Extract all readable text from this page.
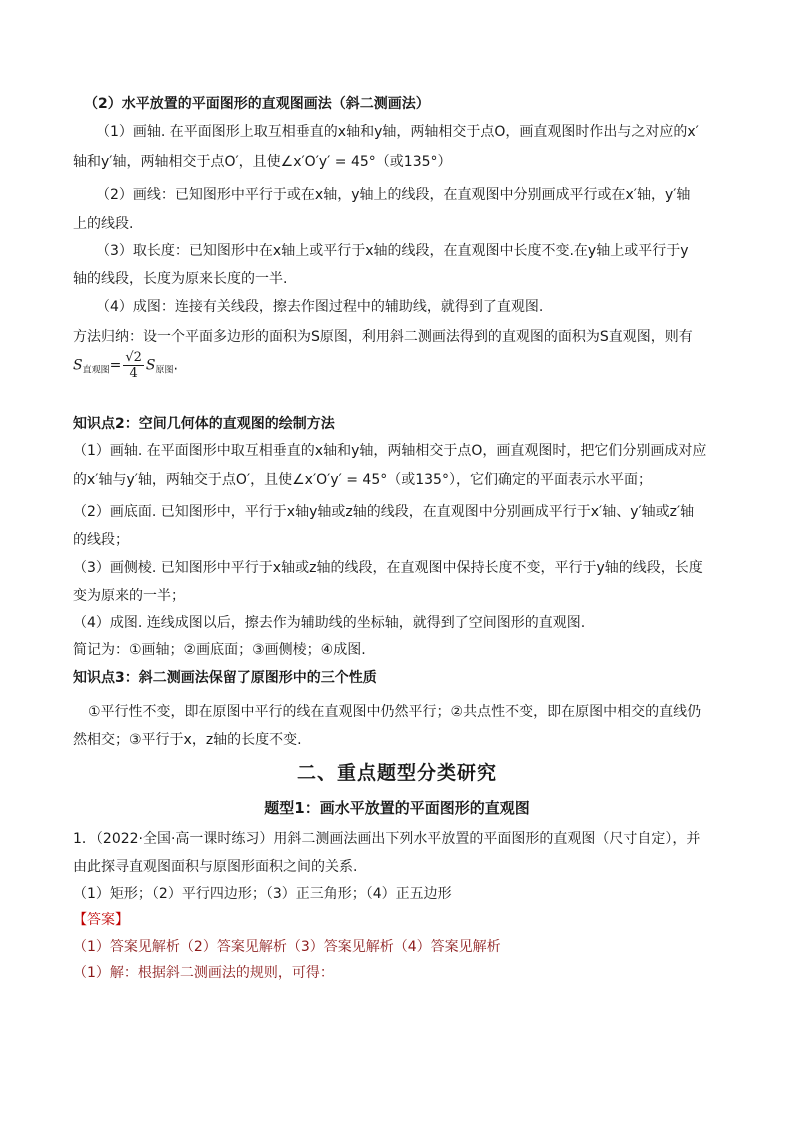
（2）水平放置的平面图形的直观图画法（斜二测画法）
（1）画轴. 在平面图形上取互相垂直的x轴和y轴，两轴相交于点O，画直观图时作出与之对应的x′
轴和y′轴，两轴相交于点O′，且使∠x′O′y′ = 45°（或135°）
（2）画线：已知图形中平行于或在x轴，y轴上的线段，在直观图中分别画成平行或在x′轴，y′轴
上的线段.
（3）取长度：已知图形中在x轴上或平行于x轴的线段，在直观图中长度不变.在y轴上或平行于y
轴的线段，长度为原来长度的一半.
（4）成图：连接有关线段，擦去作图过程中的辅助线，就得到了直观图.
方法归纳：设一个平面多边形的面积为S原图，利用斜二测画法得到的直观图的面积为S直观图，则有
$S_{直观图}= \frac{√2}{4} S_{原图}$.
知识点2：空间几何体的直观图的绘制方法
（1）画轴. 在平面图形中取互相垂直的x轴和y轴，两轴相交于点O，画直观图时，把它们分别画成对应
的x′轴与y′轴，两轴交于点O′，且使∠x′O′y′ = 45°（或135°），它们确定的平面表示水平面；
（2）画底面. 已知图形中，平行于x轴y轴或z轴的线段，在直观图中分别画成平行于x′轴、y′轴或z′轴
的线段；
（3）画侧棱. 已知图形中平行于x轴或z轴的线段，在直观图中保持长度不变，平行于y轴的线段，长度
变为原来的一半；
（4）成图. 连线成图以后，擦去作为辅助线的坐标轴，就得到了空间图形的直观图.
简记为：①画轴；②画底面；③画侧棱；④成图.
知识点3：斜二测画法保留了原图形中的三个性质
①平行性不变，即在原图中平行的线在直观图中仍然平行；②共点性不变，即在原图中相交的直线仍
然相交；③平行于x，z轴的长度不变.
二、重点题型分类研究
题型1：画水平放置的平面图形的直观图
1．（2022·全国·高一课时练习）用斜二测画法画出下列水平放置的平面图形的直观图（尺寸自定），并
由此探寻直观图面积与原图形面积之间的关系.
（1）矩形；（2）平行四边形；（3）正三角形；（4）正五边形
【答案】
（1）答案见解析（2）答案见解析（3）答案见解析（4）答案见解析
（1）解：根据斜二测画法的规则，可得：
